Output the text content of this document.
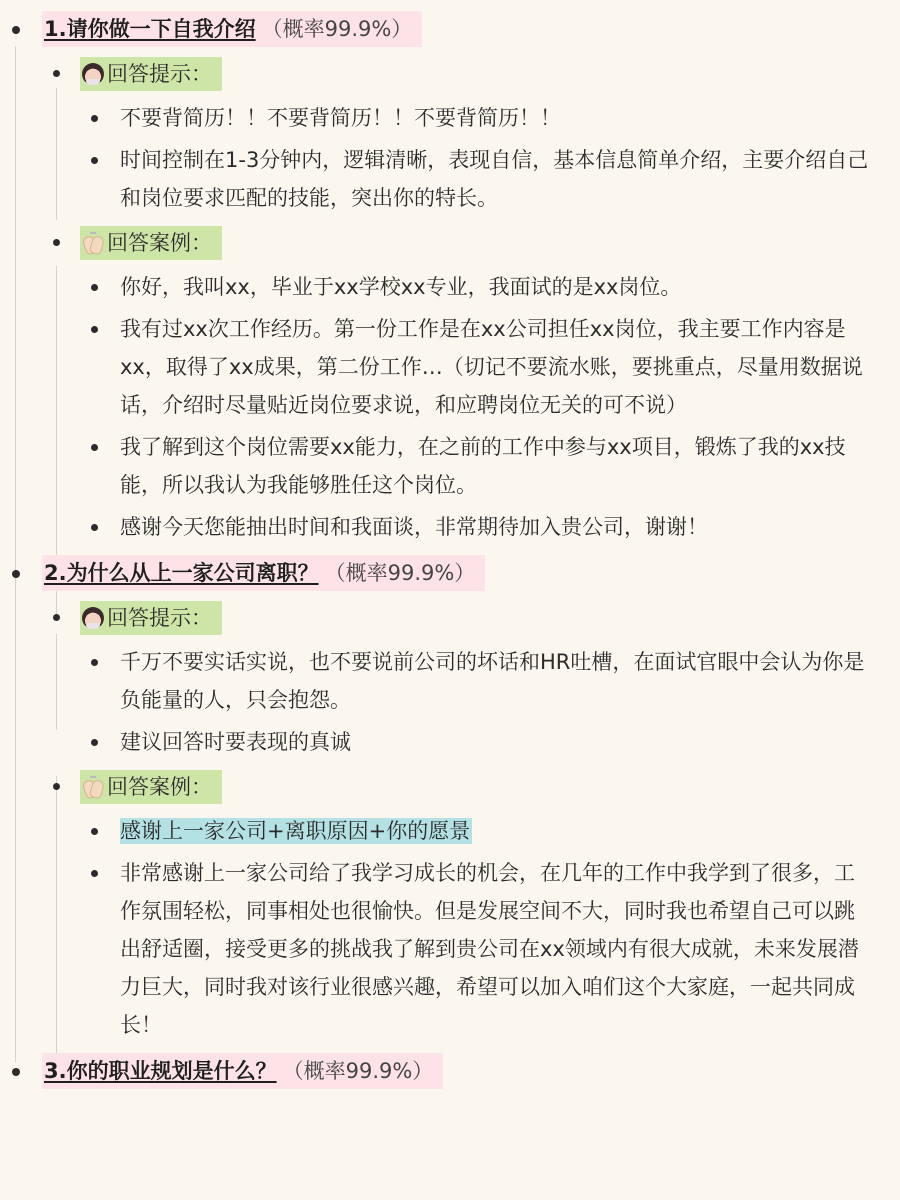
1.请你做一下自我介绍 （概率99.9%）
回答提示：
不要背简历！！不要背简历！！不要背简历！！
时间控制在1-3分钟内，逻辑清晰，表现自信，基本信息简单介绍，主要介绍自己和岗位要求匹配的技能，突出你的特长。
回答案例：
你好，我叫xx，毕业于xx学校xx专业，我面试的是xx岗位。
我有过xx次工作经历。第一份工作是在xx公司担任xx岗位，我主要工作内容是xx，取得了xx成果，第二份工作…（切记不要流水账，要挑重点，尽量用数据说话，介绍时尽量贴近岗位要求说，和应聘岗位无关的可不说）
我了解到这个岗位需要xx能力，在之前的工作中参与xx项目，锻炼了我的xx技能，所以我认为我能够胜任这个岗位。
感谢今天您能抽出时间和我面谈，非常期待加入贵公司，谢谢！
2.为什么从上一家公司离职？ （概率99.9%）
回答提示：
千万不要实话实说，也不要说前公司的坏话和HR吐槽，在面试官眼中会认为你是负能量的人，只会抱怨。
建议回答时要表现的真诚
回答案例：
感谢上一家公司+离职原因+你的愿景
非常感谢上一家公司给了我学习成长的机会，在几年的工作中我学到了很多，工作氛围轻松，同事相处也很愉快。但是发展空间不大，同时我也希望自己可以跳出舒适圈，接受更多的挑战我了解到贵公司在xx领域内有很大成就，未来发展潜力巨大，同时我对该行业很感兴趣，希望可以加入咱们这个大家庭，一起共同成长！
3.你的职业规划是什么？ （概率99.9%）
